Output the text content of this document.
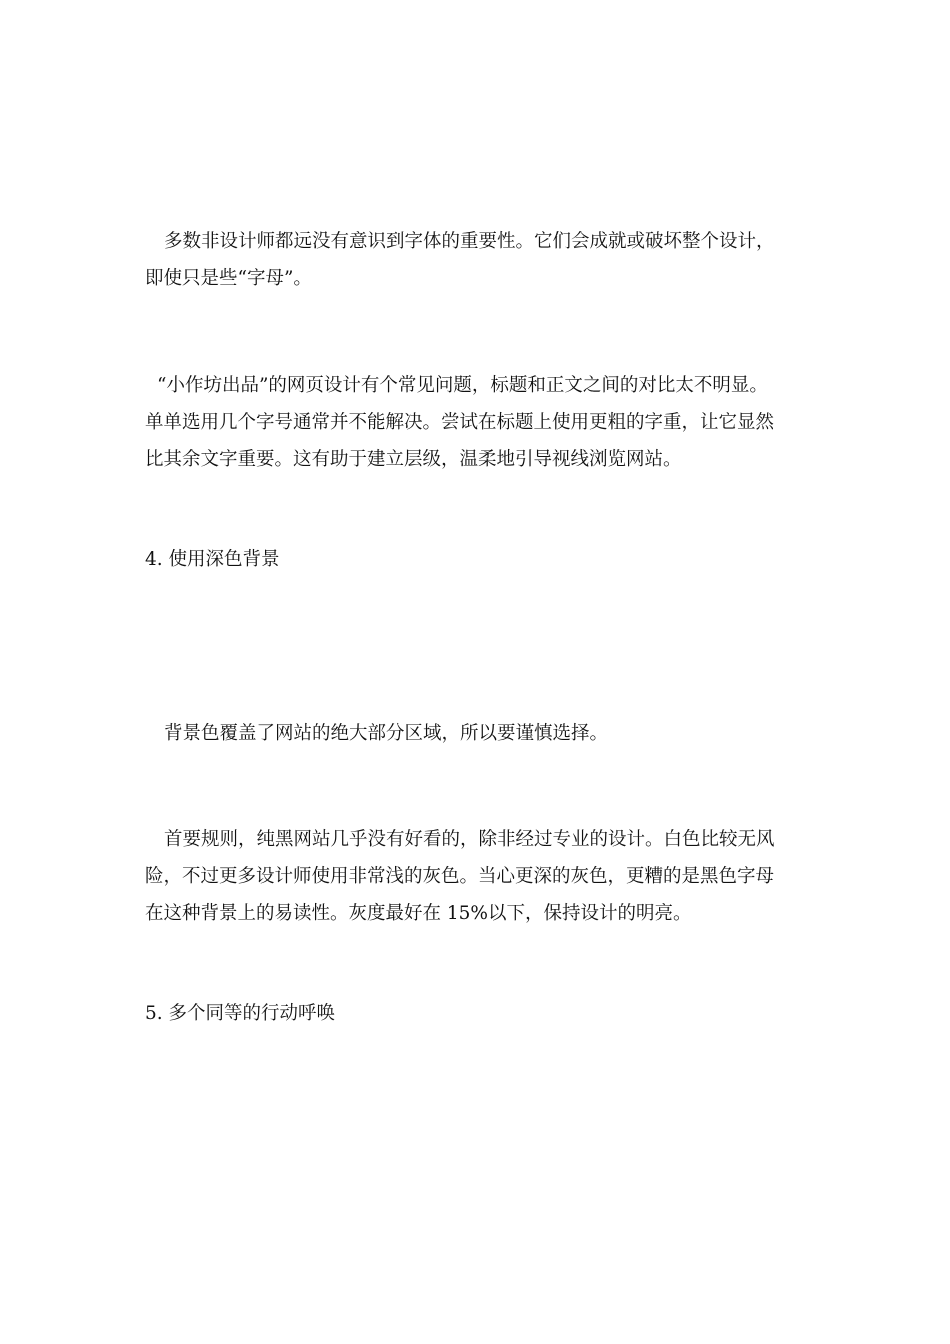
多数非设计师都远没有意识到字体的重要性。它们会成就或破坏整个设计，
即使只是些“字母”。

“小作坊出品”的网页设计有个常见问题，标题和正文之间的对比太不明显。
单单选用几个字号通常并不能解决。尝试在标题上使用更粗的字重，让它显然
比其余文字重要。这有助于建立层级，温柔地引导视线浏览网站。

4. 使用深色背景

背景色覆盖了网站的绝大部分区域，所以要谨慎选择。

首要规则，纯黑网站几乎没有好看的，除非经过专业的设计。白色比较无风
险，不过更多设计师使用非常浅的灰色。当心更深的灰色，更糟的是黑色字母
在这种背景上的易读性。灰度最好在 15%以下，保持设计的明亮。

5. 多个同等的行动呼唤
